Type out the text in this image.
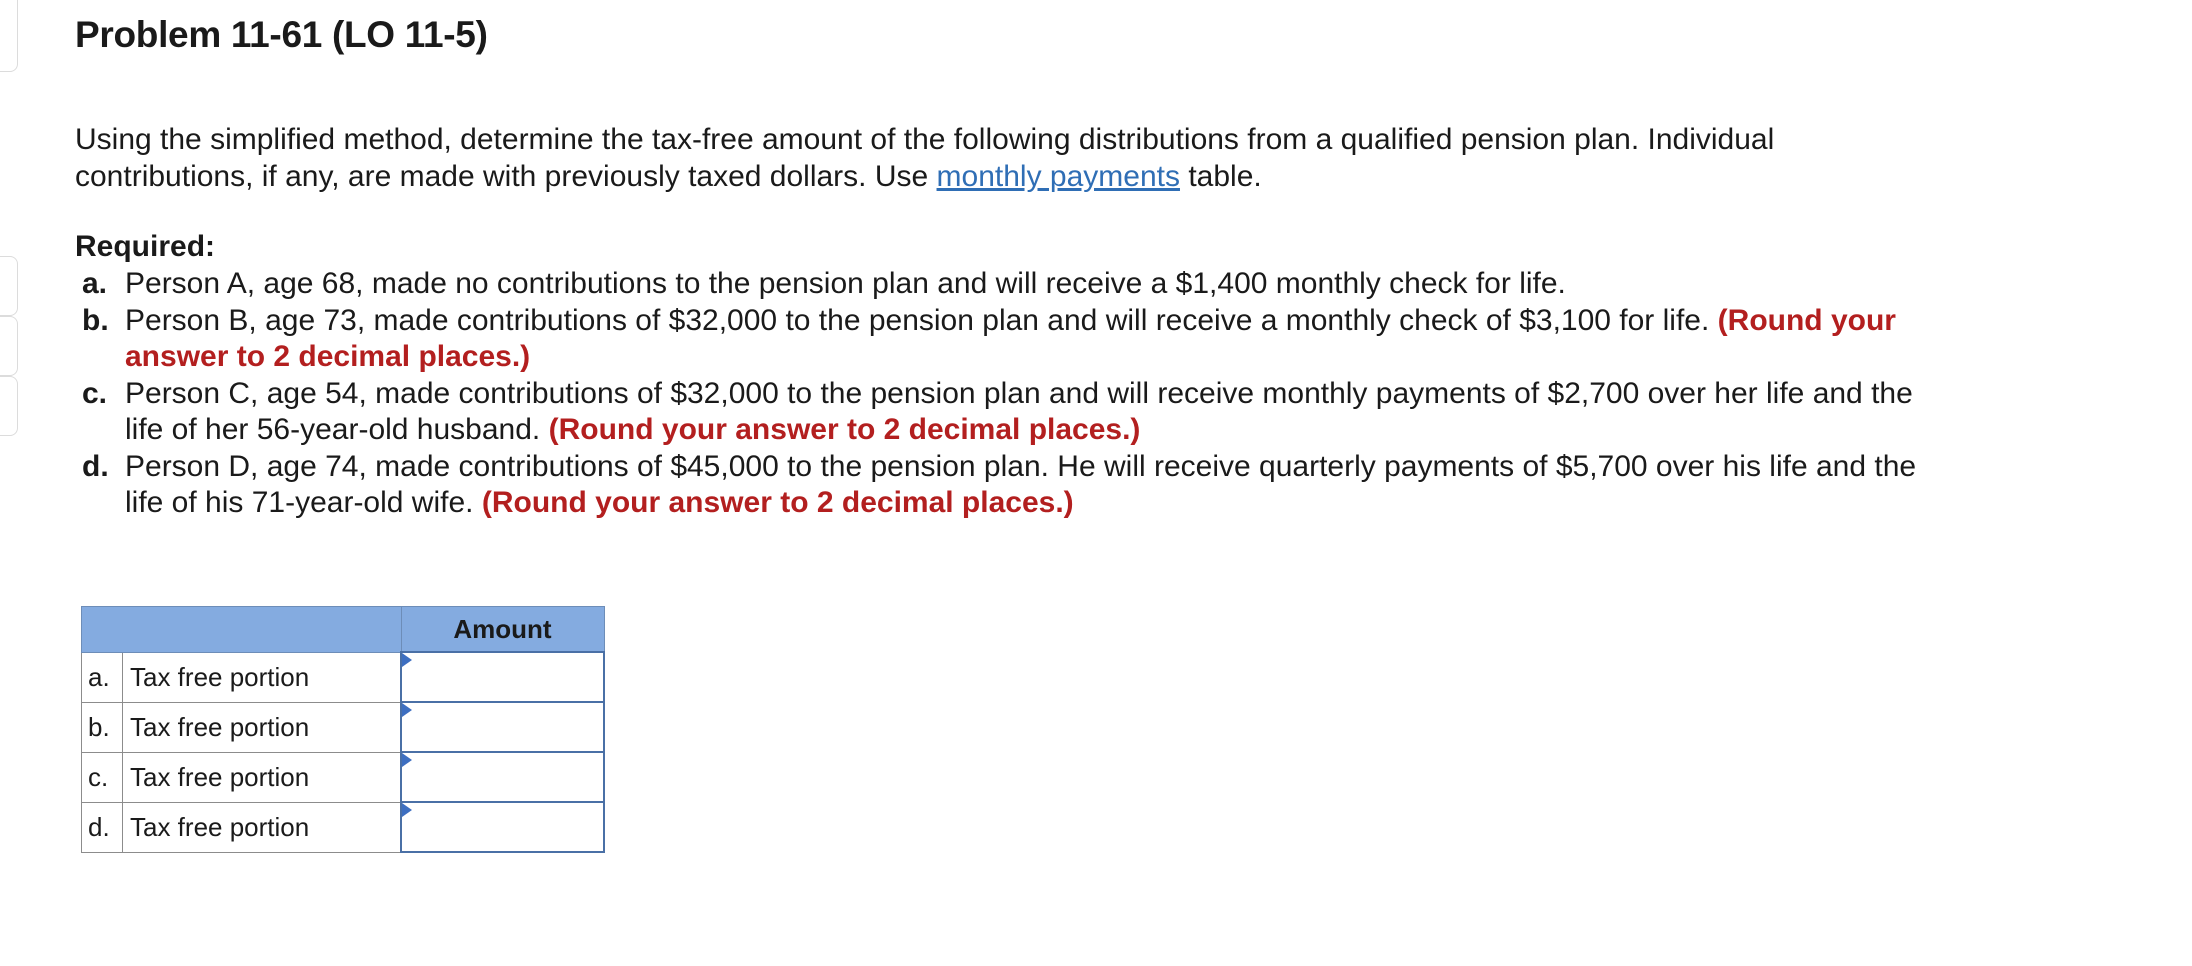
Problem 11-61 (LO 11-5)

Using the simplified method, determine the tax-free amount of the following distributions from a qualified pension plan. Individual contributions, if any, are made with previously taxed dollars. Use monthly payments table.

Required:

a. Person A, age 68, made no contributions to the pension plan and will receive a $1,400 monthly check for life.
b. Person B, age 73, made contributions of $32,000 to the pension plan and will receive a monthly check of $3,100 for life. (Round your answer to 2 decimal places.)
c. Person C, age 54, made contributions of $32,000 to the pension plan and will receive monthly payments of $2,700 over her life and the life of her 56-year-old husband. (Round your answer to 2 decimal places.)
d. Person D, age 74, made contributions of $45,000 to the pension plan. He will receive quarterly payments of $5,700 over his life and the life of his 71-year-old wife. (Round your answer to 2 decimal places.)
		Amount
a.	Tax free portion	

b.	Tax free portion	

c.	Tax free portion	

d.	Tax free portion	
